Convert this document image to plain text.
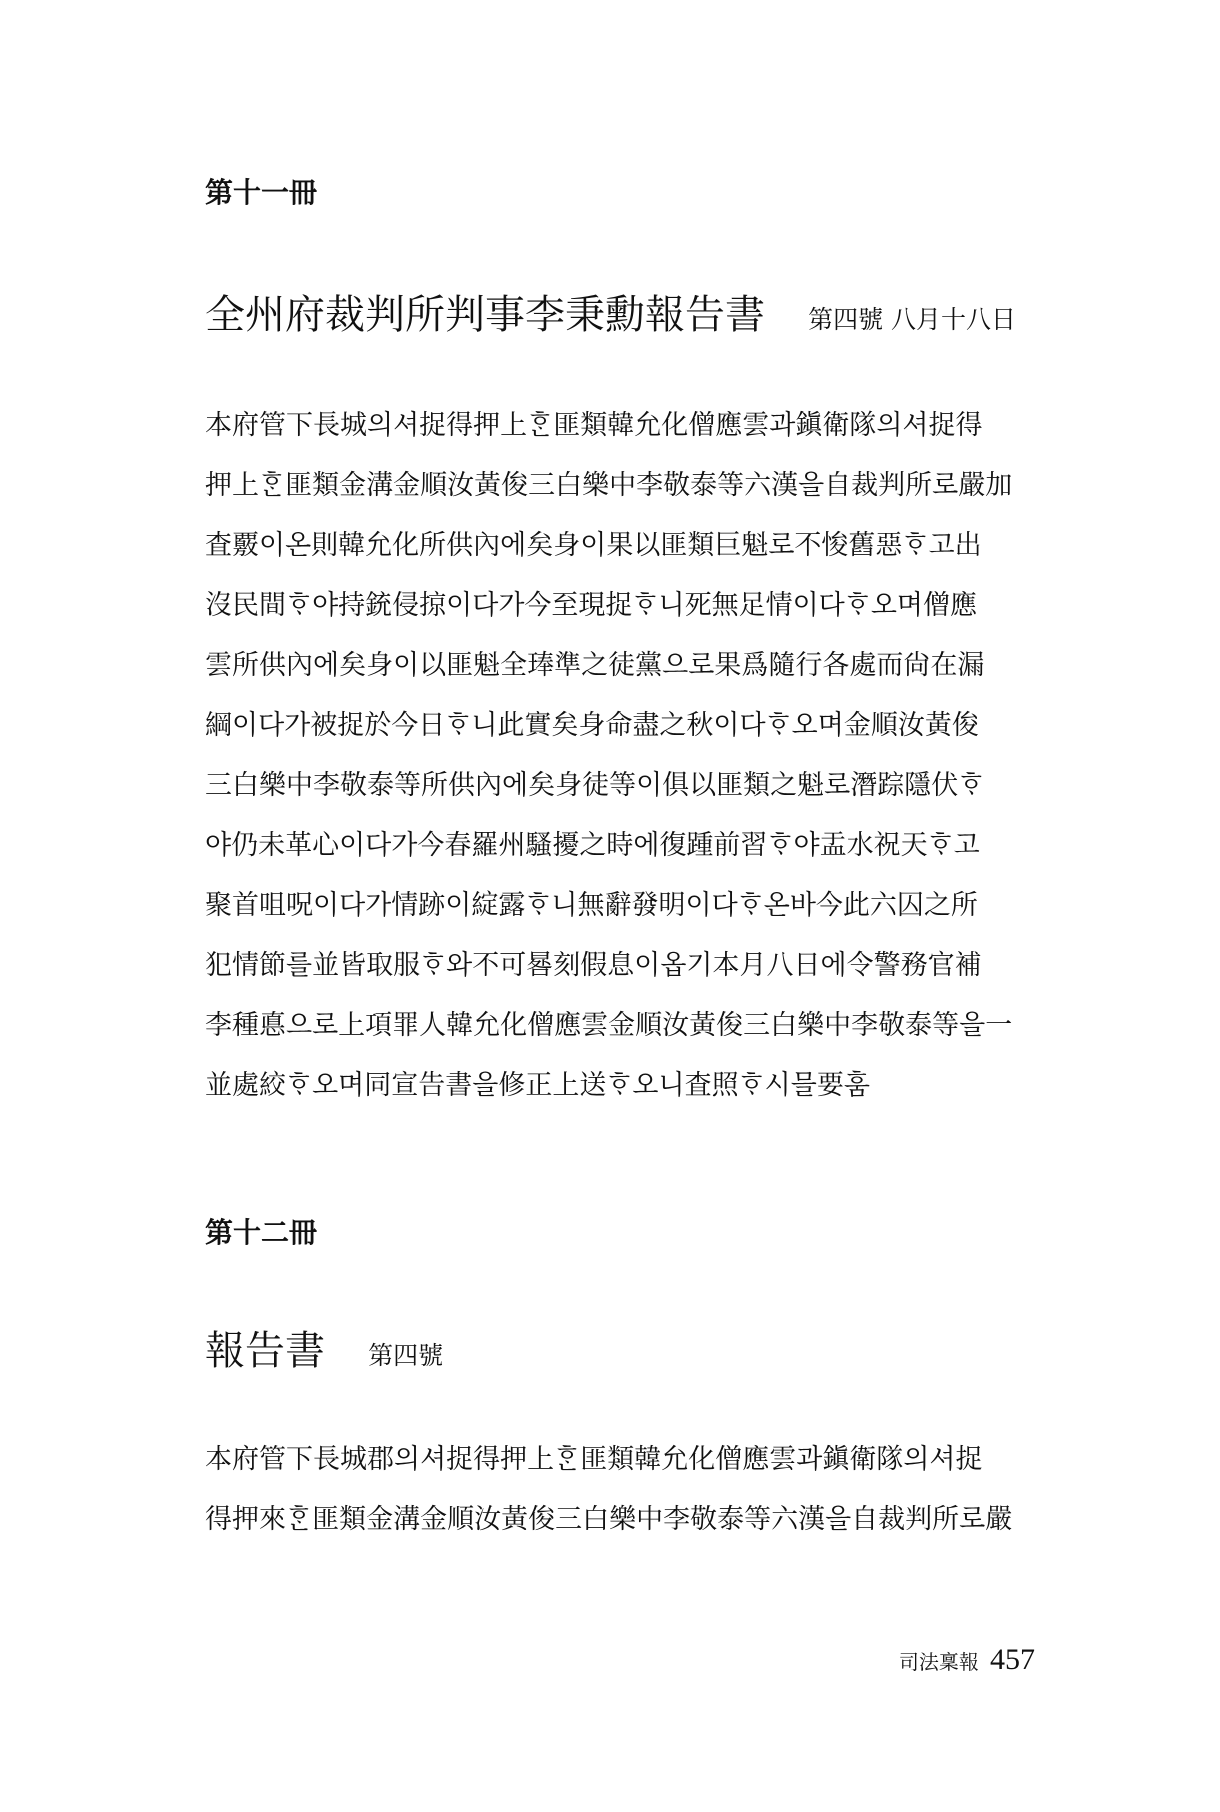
第十一冊
全州府裁判所判事李秉勳報告書 第四號 八月十八日
本府管下長城의셔捉得押上ᄒᆞᆫ匪類韓允化僧應雲과鎭衛隊의셔捉得
押上ᄒᆞᆫ匪類金溝金順汝黃俊三白樂中李敬泰等六漢을自裁判所로嚴加
査覈이온則韓允化所供內에矣身이果以匪類巨魁로不悛舊惡ᄒᆞ고出
沒民間ᄒᆞ야持銃侵掠이다가今至現捉ᄒᆞ니死無足情이다ᄒᆞ오며僧應
雲所供內에矣身이以匪魁全琫準之徒黨으로果爲隨行各處而尙在漏
綱이다가被捉於今日ᄒᆞ니此實矣身命盡之秋이다ᄒᆞ오며金順汝黃俊
三白樂中李敬泰等所供內에矣身徒等이俱以匪類之魁로潛踪隱伏ᄒᆞ
야仍未革心이다가今春羅州騷擾之時에復踵前習ᄒᆞ야盂水祝天ᄒᆞ고
聚首咀呪이다가情跡이綻露ᄒᆞ니無辭發明이다ᄒᆞ온바今此六囚之所
犯情節를並皆取服ᄒᆞ와不可晷刻假息이옵기本月八日에令警務官補
李種悳으로上項罪人韓允化僧應雲金順汝黃俊三白樂中李敬泰等을一
並處絞ᄒᆞ오며同宣告書을修正上送ᄒᆞ오니査照ᄒᆞ시믈要훔
第十二冊
報告書 第四號
本府管下長城郡의셔捉得押上ᄒᆞᆫ匪類韓允化僧應雲과鎭衛隊의셔捉
得押來ᄒᆞᆫ匪類金溝金順汝黃俊三白樂中李敬泰等六漢을自裁判所로嚴
司法稟報 457
